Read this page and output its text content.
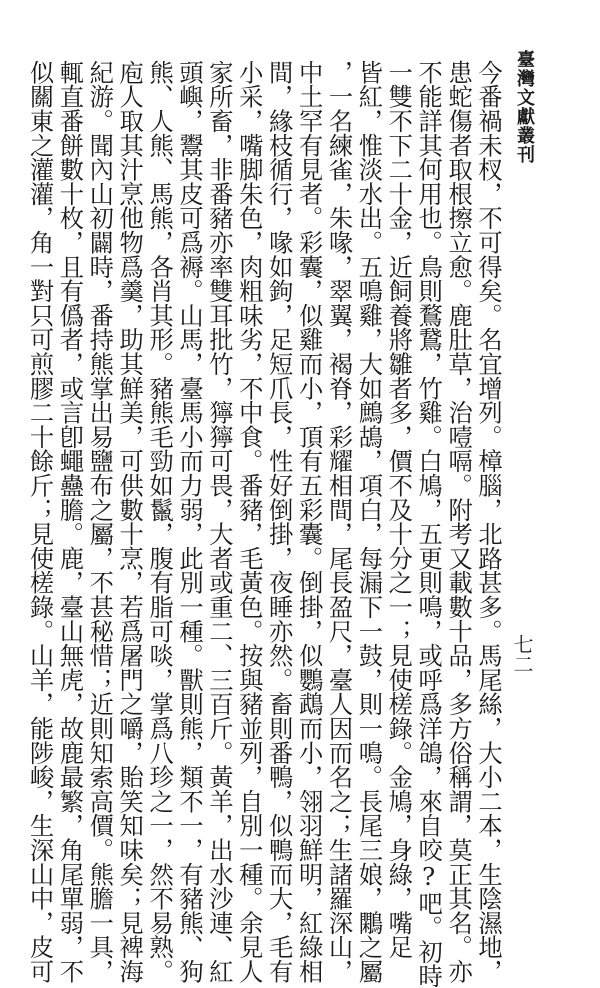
臺灣文獻叢刊
七二
今番禍未杈，不可得矣。名宜增列。樟腦，北路甚多。馬尾絲，大小二本，生陰濕地，
患蛇傷者取根擦立愈。鹿肚草，治噎嗝。附考又載數十品，多方俗稱謂，莫正其名。亦
不能詳其何用也。鳥則鶩鵞，竹雞。白鳩，五更則鳴，或呼爲洋鴿，來自咬?吧。初時
一雙不下二十金，近飼養將雛者多，價不及十分之一；見使槎錄。金鳩，身綠，嘴足
皆紅，惟淡水出。五鳴雞，大如鷓鴣，項白，每漏下一鼓，則一鳴。長尾三娘，鷴之屬
，一名練雀，朱喙，翠翼，褐脊，彩耀相間，尾長盈尺，臺人因而名之；生諸羅深山，
中土罕有見者。彩囊，似雞而小，頂有五彩囊。倒掛，似鸚鵡而小，翎羽鮮明，紅綠相
間，緣枝循行，喙如鉤，足短爪長，性好倒掛，夜睡亦然。畜則番鴨，似鴨而大，毛有
小采，嘴脚朱色，肉粗味劣，不中食。番豬，毛黃色。按與豬並列，自別一種。余見人
家所畜，非番豬亦率雙耳批竹，獰獰可畏，大者或重二、三百斤。黃羊，出水沙連、紅
頭嶼，鬻其皮可爲褥。山馬，臺馬小而力弱，此別一種。獸則熊，類不一，有豬熊、狗
熊、人熊、馬熊，各肖其形。豬熊毛勁如鬣，腹有脂可啖，掌爲八珍之一，然不易熟。
庖人取其汁烹他物爲羹，助其鮮美，可供數十烹，若爲屠門之嚼，貽笑知味矣；見裨海
紀游。聞內山初闢時，番持熊掌出易鹽布之屬，不甚秘惜；近則知索高價。熊膽一具，
輒直番餅數十枚，且有僞者，或言卽蠅蠱膽。鹿，臺山無虎，故鹿最繁，角尾單弱，不
似關東之灌灌，角一對只可煎膠二十餘斤；見使槎錄。山羊，能陟峻，生深山中，皮可
